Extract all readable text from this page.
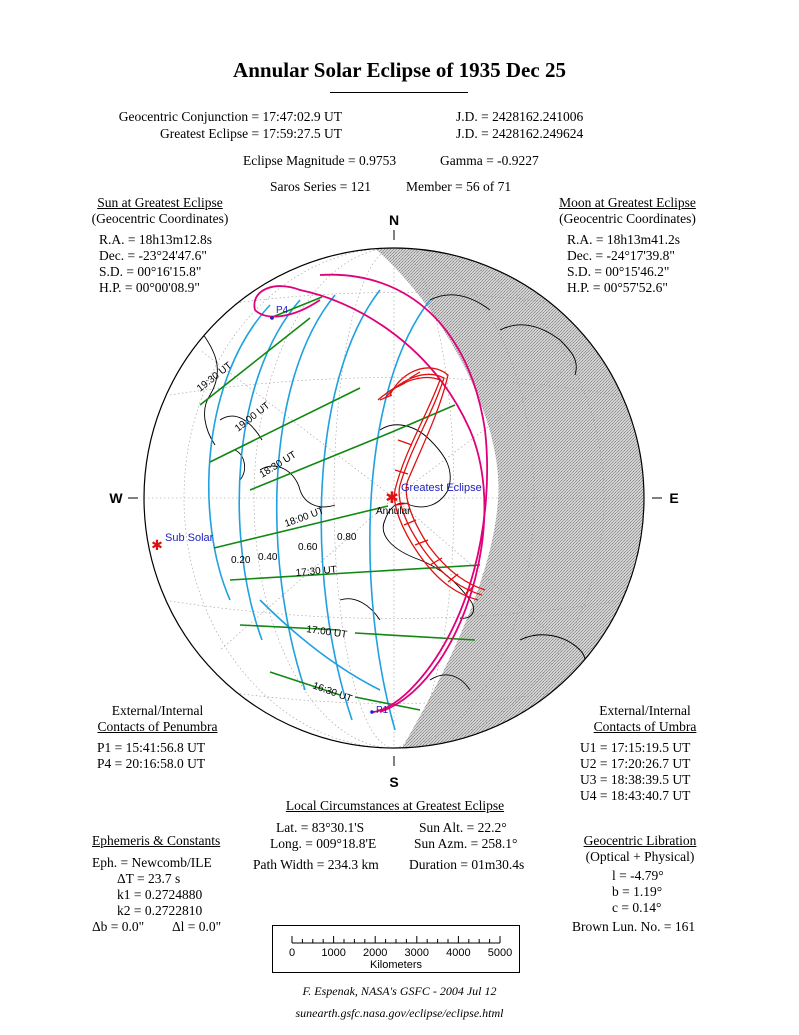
Annular Solar Eclipse of 1935 Dec 25
Geocentric Conjunction = 17:47:02.9 UT	J.D. = 2428162.241006
Greatest Eclipse = 17:59:27.5 UT	J.D. = 2428162.249624
Eclipse Magnitude = 0.9753	Gamma = -0.9227
Saros Series = 121	Member = 56 of 71
Sun at Greatest Eclipse
(Geocentric Coordinates)
R.A. = 18h13m12.8s
Dec. = -23°24'47.6"
S.D. = 00°16'15.8"
H.P. = 00°00'08.9"
Moon at Greatest Eclipse
(Geocentric Coordinates)
R.A. = 18h13m41.2s
Dec. = -24°17'39.8"
S.D. = 00°15'46.2"
H.P. = 00°57'52.6"
P4
P1
✱
Greatest Eclipse
Annular
✱ Sub Solar
19:30 UT
19:00 UT
18:30 UT
18:00 UT
17:30 UT
17:00 UT
16:30 UT
0.20 0.40
0.60
0.80
N
S
W	E
External/Internal
Contacts of Penumbra
P1 = 15:41:56.8 UT
P4 = 20:16:58.0 UT
External/Internal
Contacts of Umbra
U1 = 17:15:19.5 UT
U2 = 17:20:26.7 UT
U3 = 18:38:39.5 UT
U4 = 18:43:40.7 UT
Local Circumstances at Greatest Eclipse
Lat. = 83°30.1'S
Long. = 009°18.8'E
Path Width = 234.3 km
Sun Alt. = 22.2°
Sun Azm. = 258.1°
Duration = 01m30.4s
Ephemeris & Constants
Eph. = Newcomb/ILE
ΔT = 23.7 s
k1 = 0.2724880
k2 = 0.2722810
Δb = 0.0" Δl = 0.0"
Geocentric Libration
(Optical + Physical)
l = -4.79°
b = 1.19°
c = 0.14°
Brown Lun. No. = 161
0 1000 2000 3000 4000 5000
Kilometers
F. Espenak, NASA's GSFC - 2004 Jul 12
sunearth.gsfc.nasa.gov/eclipse/eclipse.html
